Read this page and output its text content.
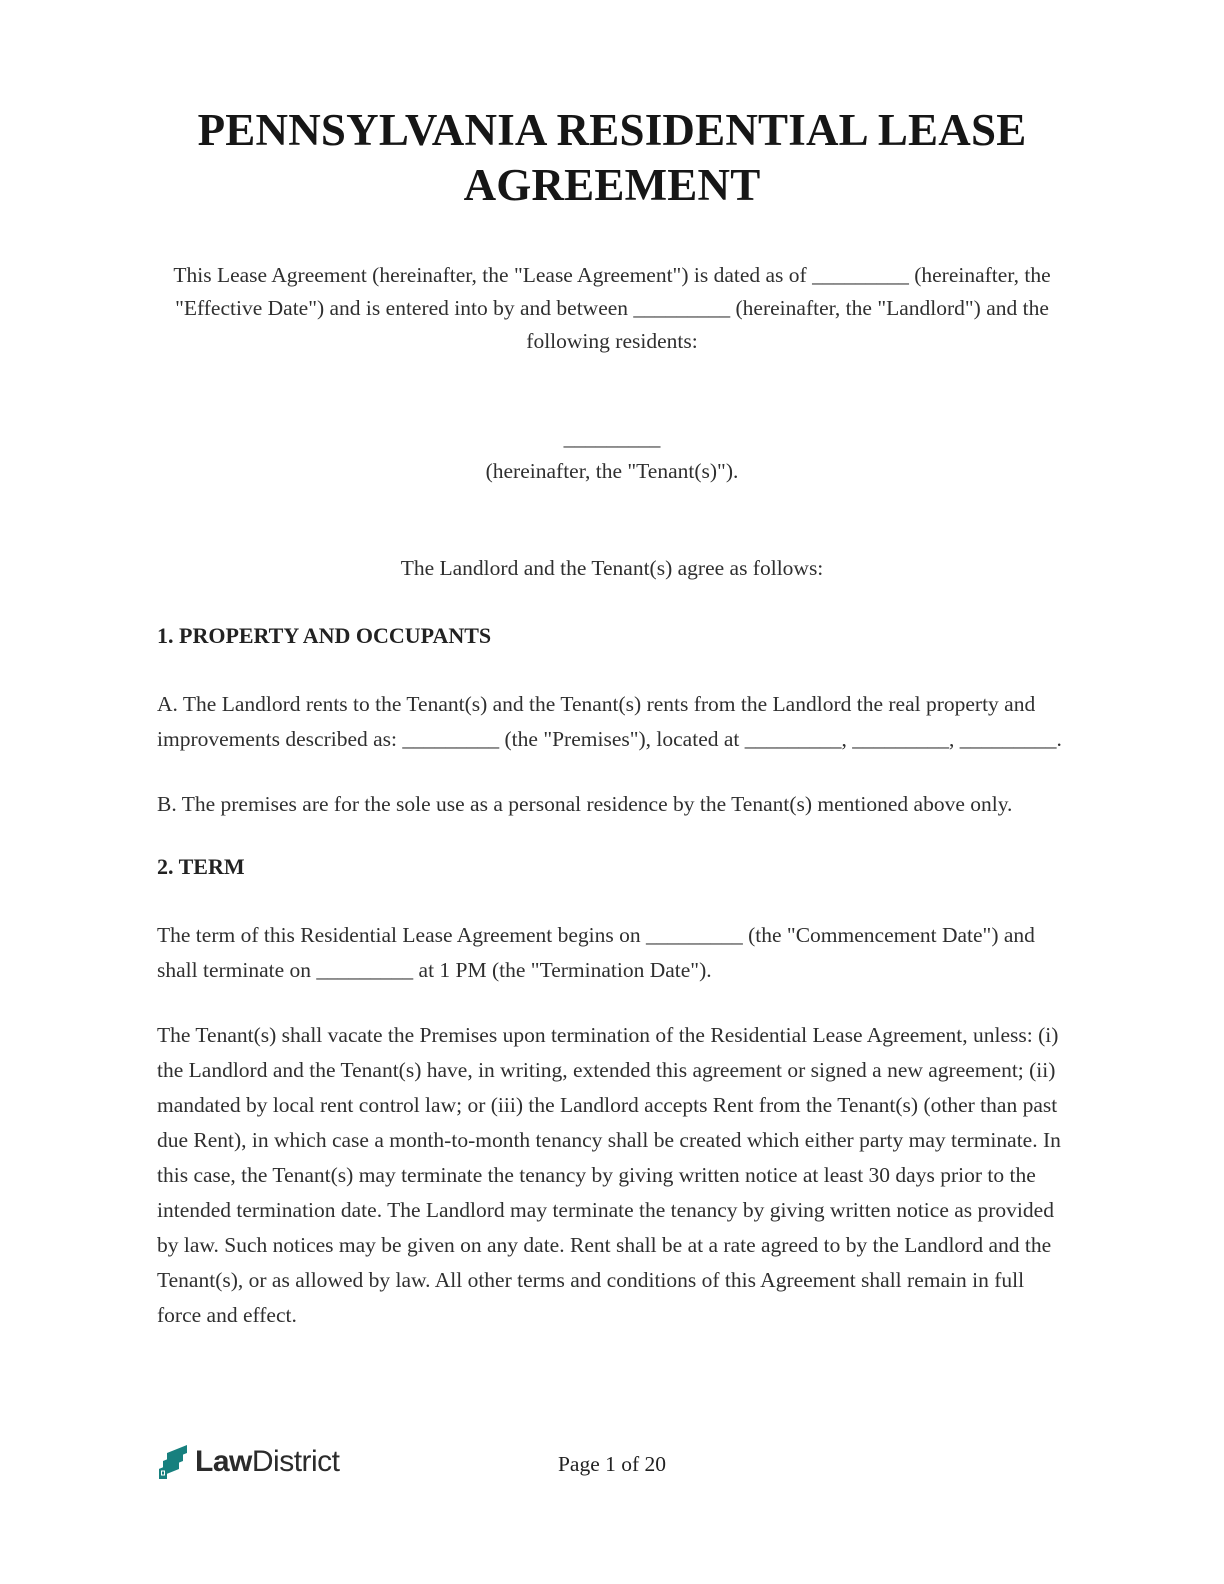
PENNSYLVANIA RESIDENTIAL LEASE AGREEMENT

This Lease Agreement (hereinafter, the "Lease Agreement") is dated as of _________ (hereinafter, the "Effective Date") and is entered into by and between _________ (hereinafter, the "Landlord") and the following residents:

_________

(hereinafter, the "Tenant(s)").

The Landlord and the Tenant(s) agree as follows:

1. PROPERTY AND OCCUPANTS

A. The Landlord rents to the Tenant(s) and the Tenant(s) rents from the Landlord the real property and improvements described as: _________ (the "Premises"), located at _________, _________, _________.

B. The premises are for the sole use as a personal residence by the Tenant(s) mentioned above only.

2. TERM

The term of this Residential Lease Agreement begins on _________ (the "Commencement Date") and shall terminate on _________ at 1 PM (the "Termination Date").

The Tenant(s) shall vacate the Premises upon termination of the Residential Lease Agreement, unless: (i) the Landlord and the Tenant(s) have, in writing, extended this agreement or signed a new agreement; (ii) mandated by local rent control law; or (iii) the Landlord accepts Rent from the Tenant(s) (other than past due Rent), in which case a month-to-month tenancy shall be created which either party may terminate. In this case, the Tenant(s) may terminate the tenancy by giving written notice at least 30 days prior to the intended termination date. The Landlord may terminate the tenancy by giving written notice as provided by law. Such notices may be given on any date. Rent shall be at a rate agreed to by the Landlord and the Tenant(s), or as allowed by law. All other terms and conditions of this Agreement shall remain in full force and effect.

LawDistrict	Page 1 of 20
